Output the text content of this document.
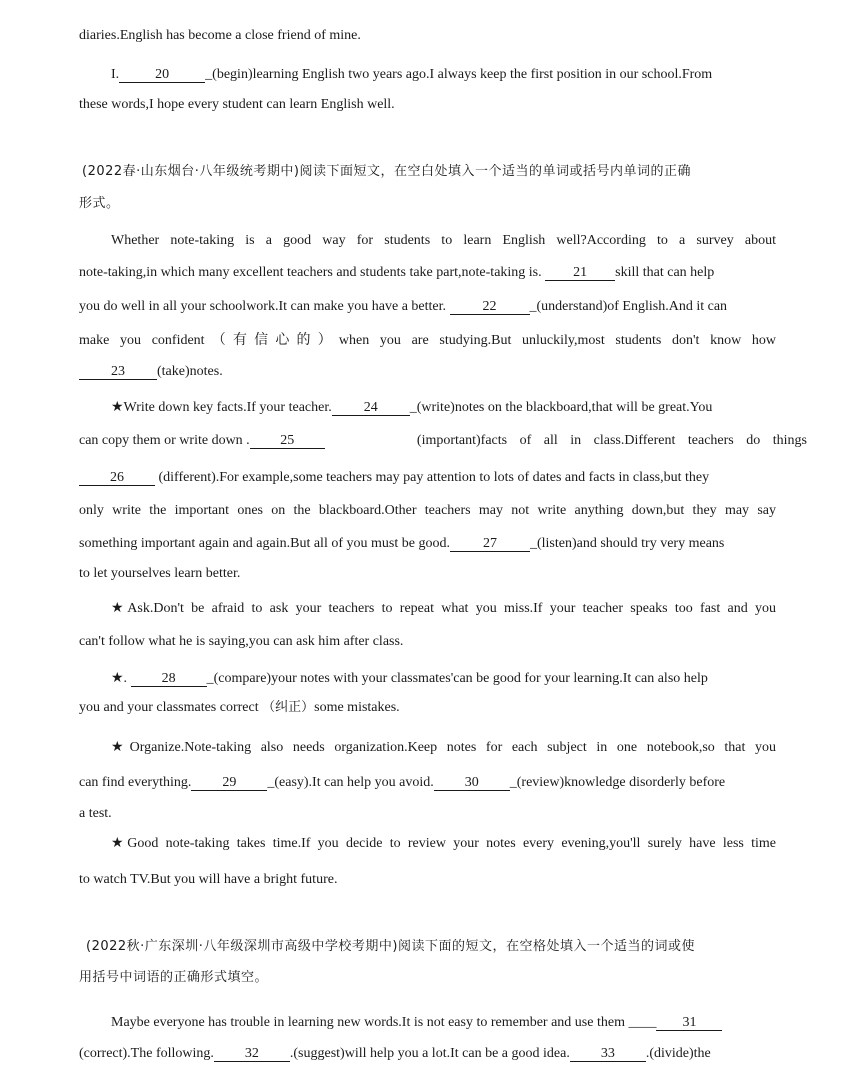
diaries.English has become a close friend of mine.
I.	20	_(begin)learning English two years ago.I always keep the first position in our school.From
these words,I hope every student can learn English well.
(2022春·山东烟台·八年级统考期中)阅读下面短文，在空白处填入一个适当的单词或括号内单词的正确
形式。
Whether note-taking is a good way for students to learn English well?According to a survey about
note-taking,in which many excellent teachers and students take part,note-taking is. 21 skill that can help
you do well in all your schoolwork.It can make you have a better.	22 _(understand)of English.And it can
make you confident（有信心的）when you are studying.But unluckily,most students don't know how
23 (take)notes.
★Write down key facts.If your teacher. 24 _(write)notes on the blackboard,that will be great.You
can copy them or write down . 25	(important)facts of all in class.Different teachers do things
26 (different).For example,some teachers may pay attention to lots of dates and facts in class,but they
only write the important ones on the blackboard.Other teachers may not write anything down,but they may say
something important again and again.But all of you must be good. 27 _(listen)and should try very means
to let yourselves learn better.
★Ask.Don't be afraid to ask your teachers to repeat what you miss.If your teacher speaks too fast and you
can't follow what he is saying,you can ask him after class.
★. 28 _(compare)your notes with your classmates'can be good for your learning.It can also help
you and your classmates correct （纠正）some mistakes.
★Organize.Note-taking also needs organization.Keep notes for each subject in one notebook,so that you
can find everything. 29 _(easy).It can help you avoid. 30 _(review)knowledge disorderly before
a test.
★Good note-taking takes time.If you decide to review your notes every evening,you'll surely have less time
to watch TV.But you will have a bright future.
(2022秋·广东深圳·八年级深圳市高级中学校考期中)阅读下面的短文，在空格处填入一个适当的词或使
用括号中词语的正确形式填空。
Maybe everyone has trouble in learning new words.It is not easy to remember and use them ____ 31
(correct).The following. 32 .(suggest)will help you a lot.It can be a good idea. 33 .(divide)the
